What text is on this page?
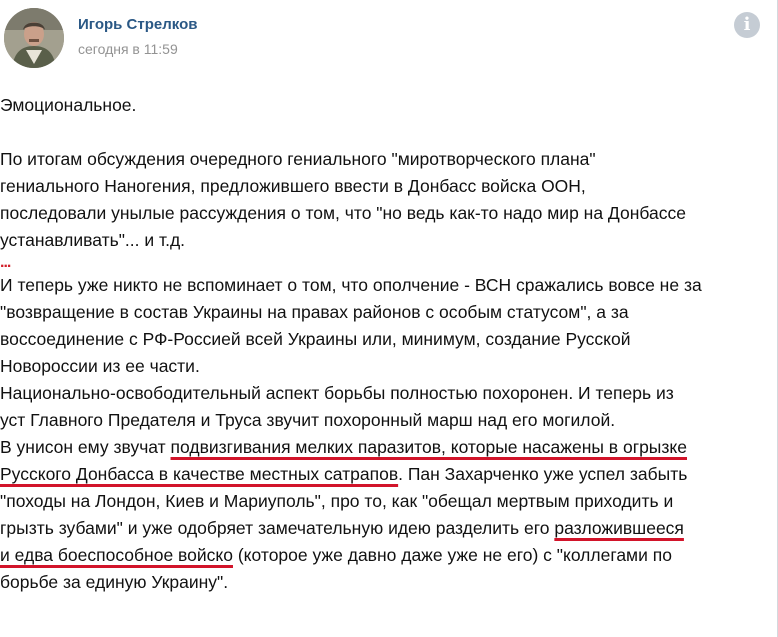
Игорь Стрелков
сегодня в 11:59
i
Эмоциональное.
По итогам обсуждения очередного гениального "миротворческого плана"
гениального Наногения, предложившего ввести в Донбасс войска ООН,
последовали унылые рассуждения о том, что "но ведь как-то надо мир на Донбассе
устанавливать"... и т.д.
...
И теперь уже никто не вспоминает о том, что ополчение - ВСН сражались вовсе не за
"возвращение в состав Украины на правах районов с особым статусом", а за
воссоединение с РФ-Россией всей Украины или, минимум, создание Русской
Новороссии из ее части.
Национально-освободительный аспект борьбы полностью похоронен. И теперь из
уст Главного Предателя и Труса звучит похоронный марш над его могилой.
В унисон ему звучат подвизгивания мелких паразитов, которые насажены в огрызке
Русского Донбасса в качестве местных сатрапов. Пан Захарченко уже успел забыть
"походы на Лондон, Киев и Мариуполь", про то, как "обещал мертвым приходить и
грызть зубами" и уже одобряет замечательную идею разделить его разложившееся
и едва боеспособное войско (которое уже давно даже уже не его) с "коллегами по
борьбе за единую Украину".
